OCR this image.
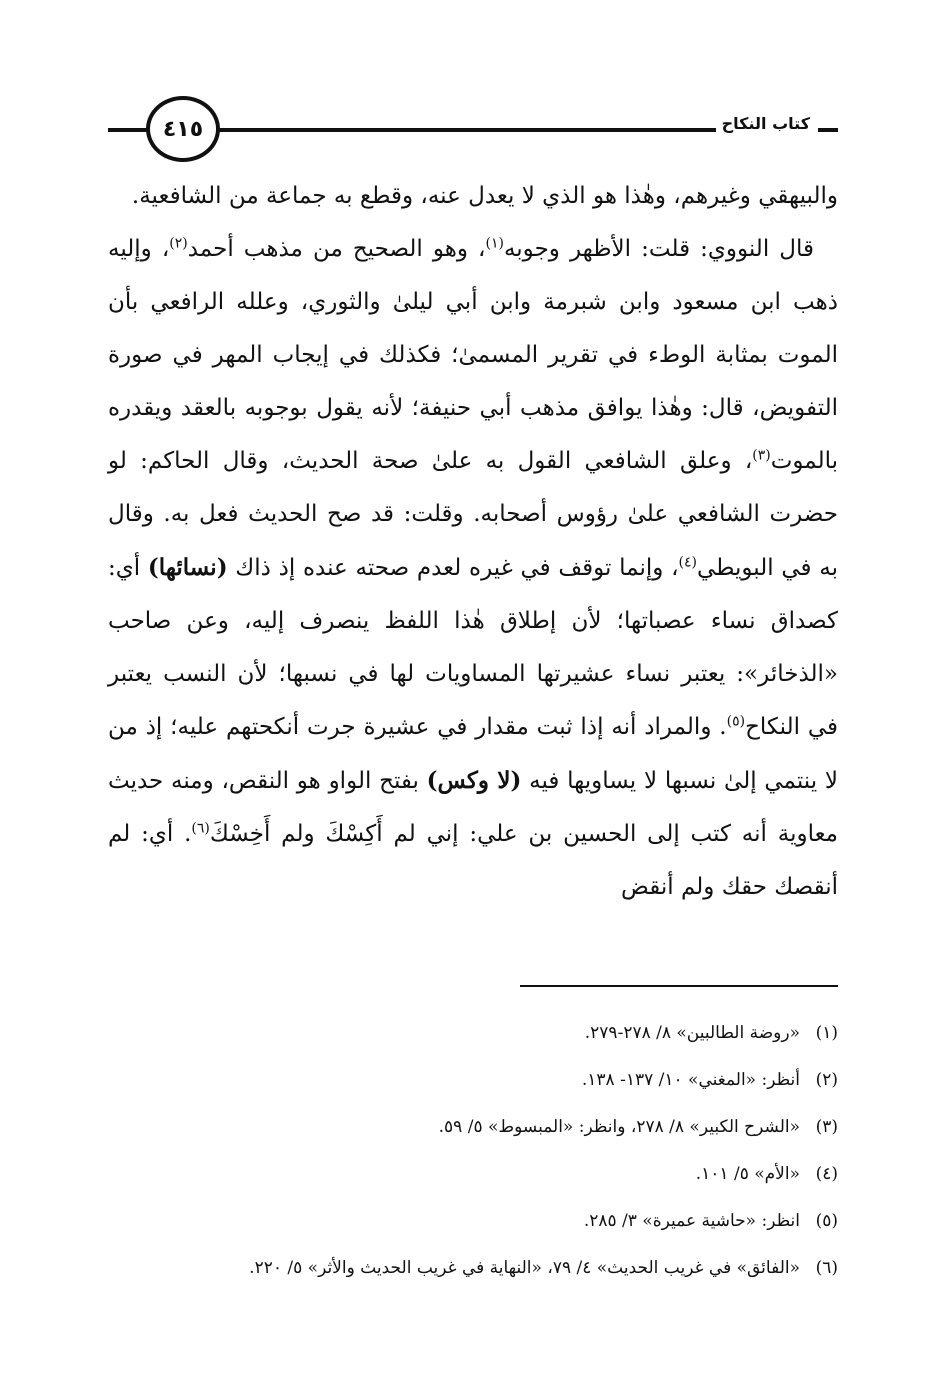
٤١٥	كتاب النكاح

والبيهقي وغيرهم، وهٰذا هو الذي لا يعدل عنه، وقطع به جماعة من الشافعية.

قال النووي: قلت: الأظهر وجوبه$^{(١)}$، وهو الصحيح من مذهب أحمد$^{(٢)}$، وإليه ذهب ابن مسعود وابن شبرمة وابن أبي ليلىٰ والثوري، وعلله الرافعي بأن الموت بمثابة الوطء في تقرير المسمىٰ؛ فكذلك في إيجاب المهر في صورة التفويض، قال: وهٰذا يوافق مذهب أبي حنيفة؛ لأنه يقول بوجوبه بالعقد ويقدره بالموت$^{(٣)}$، وعلق الشافعي القول به علىٰ صحة الحديث، وقال الحاكم: لو حضرت الشافعي علىٰ رؤوس أصحابه. وقلت: قد صح الحديث فعل به. وقال به في البويطي$^{(٤)}$، وإنما توقف في غيره لعدم صحته عنده إذ ذاك (نسائها) أي: كصداق نساء عصباتها؛ لأن إطلاق هٰذا اللفظ ينصرف إليه، وعن صاحب «الذخائر»: يعتبر نساء عشيرتها المساويات لها في نسبها؛ لأن النسب يعتبر في النكاح$^{(٥)}$. والمراد أنه إذا ثبت مقدار في عشيرة جرت أنكحتهم عليه؛ إذ من لا ينتمي إلىٰ نسبها لا يساويها فيه (لا وكس) بفتح الواو هو النقص، ومنه حديث معاوية أنه كتب إلى الحسين بن علي: إني لم أَكِسْكَ ولم أَخِسْكَ$^{(٦)}$. أي: لم أنقصك حقك ولم أنقض

(١)«روضة الطالبين» ٨/ ٢٧٨-٢٧٩.

(٢)أنظر: «المغني» ١٠/ ١٣٧- ١٣٨.

(٣)«الشرح الكبير» ٨/ ٢٧٨، وانظر: «المبسوط» ٥/ ٥٩.

(٤)«الأم» ٥/ ١٠١.

(٥)انظر: «حاشية عميرة» ٣/ ٢٨٥.

(٦)«الفائق» في غريب الحديث» ٤/ ٧٩، «النهاية في غريب الحديث والأثر» ٥/ ٢٢٠.
